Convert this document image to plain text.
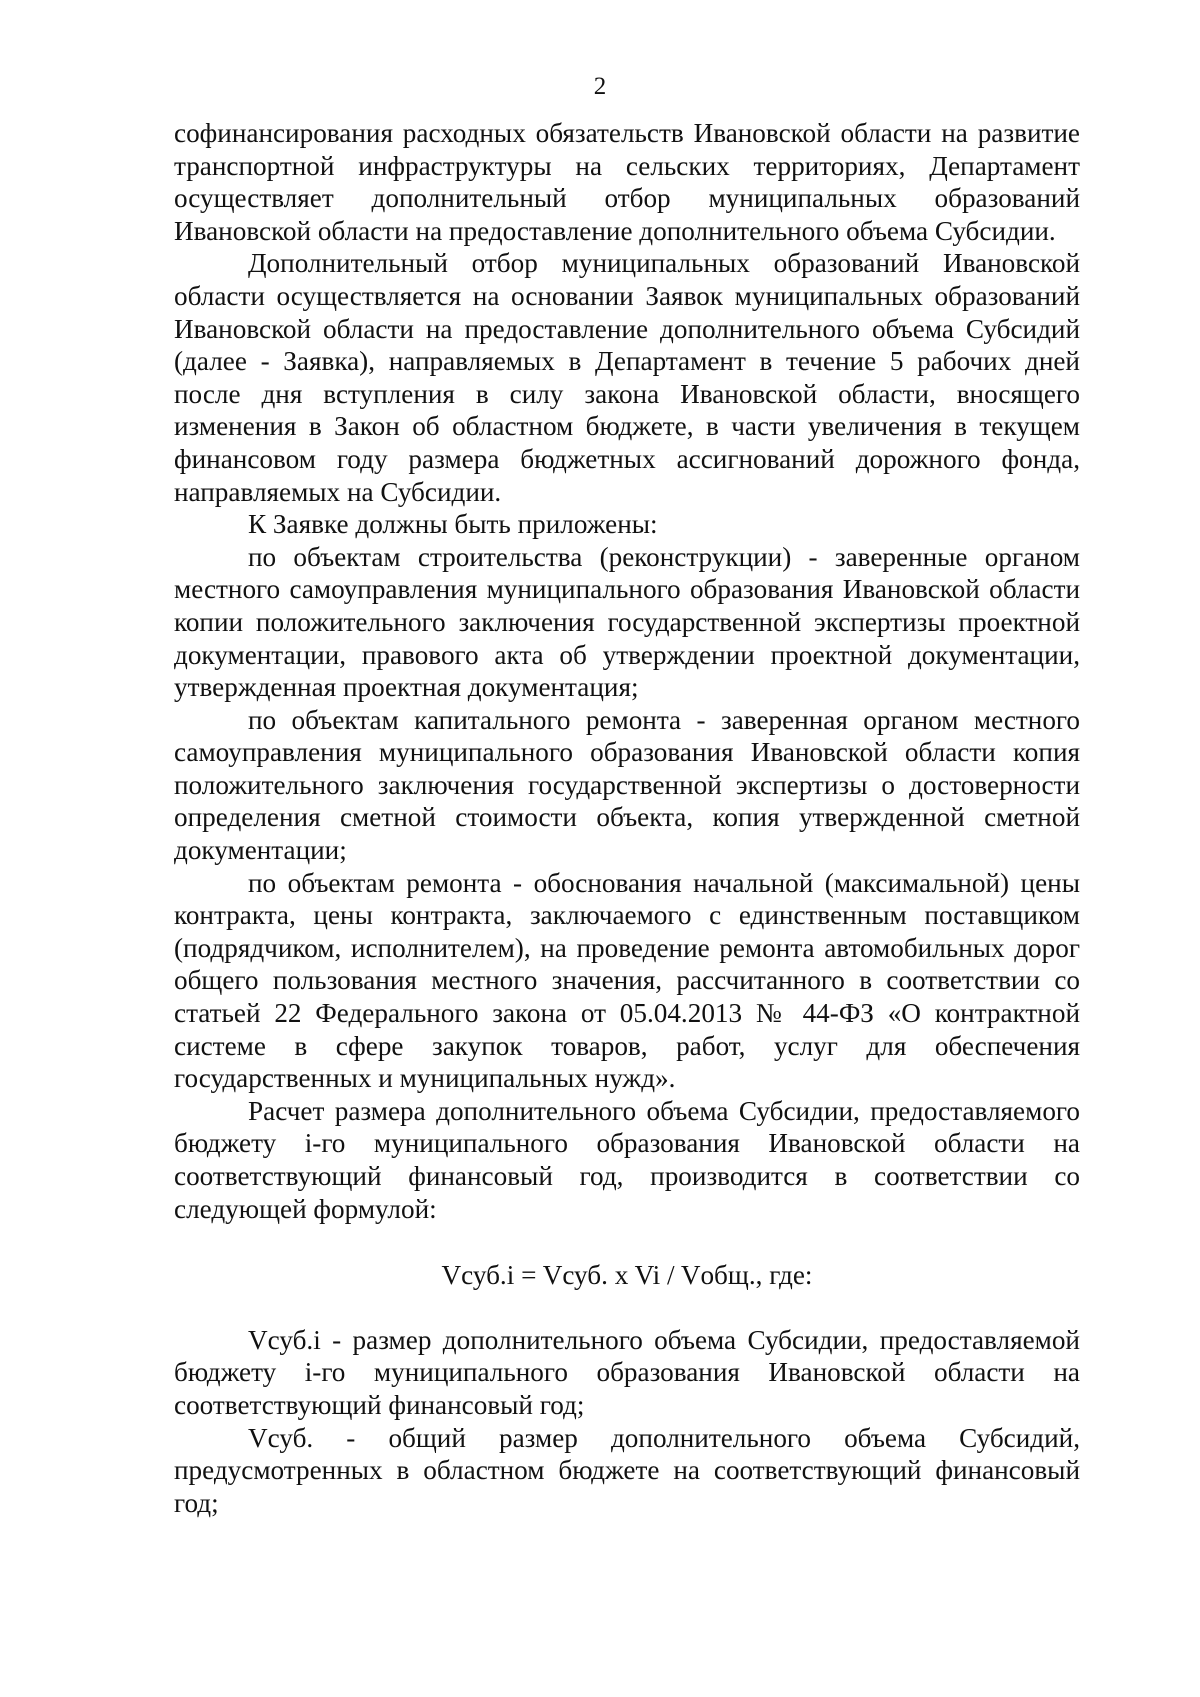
2

софинансирования расходных обязательств Ивановской области на развитие транспортной инфраструктуры на сельских территориях, Департамент осуществляет дополнительный отбор муниципальных образований Ивановской области на предоставление дополнительного объема Субсидии.

Дополнительный отбор муниципальных образований Ивановской области осуществляется на основании Заявок муниципальных образований Ивановской области на предоставление дополнительного объема Субсидий (далее - Заявка), направляемых в Департамент в течение 5 рабочих дней после дня вступления в силу закона Ивановской области, вносящего изменения в Закон об областном бюджете, в части увеличения в текущем финансовом году размера бюджетных ассигнований дорожного фонда, направляемых на Субсидии.

К Заявке должны быть приложены:

по объектам строительства (реконструкции) - заверенные органом местного самоуправления муниципального образования Ивановской области копии положительного заключения государственной экспертизы проектной документации, правового акта об утверждении проектной документации, утвержденная проектная документация;

по объектам капитального ремонта - заверенная органом местного самоуправления муниципального образования Ивановской области копия положительного заключения государственной экспертизы о достоверности определения сметной стоимости объекта, копия утвержденной сметной документации;

по объектам ремонта - обоснования начальной (максимальной) цены контракта, цены контракта, заключаемого с единственным поставщиком (подрядчиком, исполнителем), на проведение ремонта автомобильных дорог общего пользования местного значения, рассчитанного в соответствии со статьей 22 Федерального закона от 05.04.2013 № 44-ФЗ «О контрактной системе в сфере закупок товаров, работ, услуг для обеспечения государственных и муниципальных нужд».

Расчет размера дополнительного объема Субсидии, предоставляемого бюджету i-го муниципального образования Ивановской области на соответствующий финансовый год, производится в соответствии со следующей формулой:

Vсуб.i = Vсуб. x Vi / Vобщ., где:

Vсуб.i - размер дополнительного объема Субсидии, предоставляемой бюджету i-го муниципального образования Ивановской области на соответствующий финансовый год;

Vсуб. - общий размер дополнительного объема Субсидий, предусмотренных в областном бюджете на соответствующий финансовый год;
